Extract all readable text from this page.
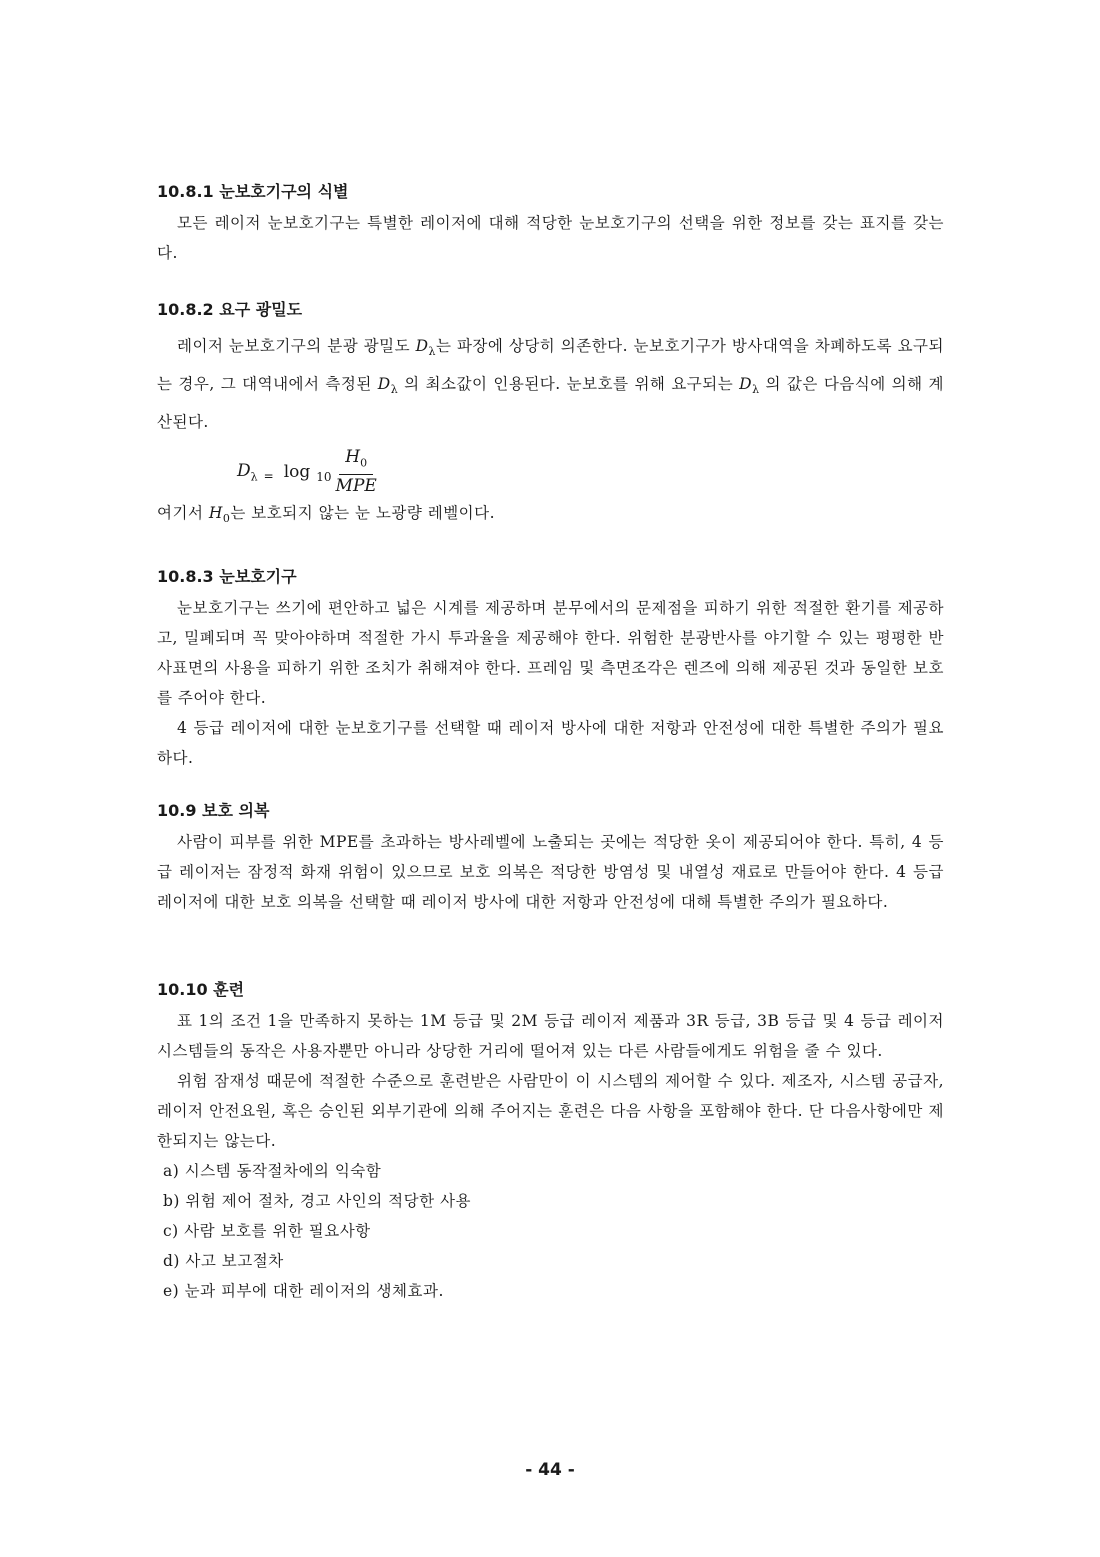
10.8.1 눈보호기구의 식별

모든 레이저 눈보호기구는 특별한 레이저에 대해 적당한 눈보호기구의 선택을 위한 정보를 갖는 표지를 갖는다.

10.8.2 요구 광밀도

레이저 눈보호기구의 분광 광밀도 $D_\lambda$는 파장에 상당히 의존한다. 눈보호기구가 방사대역을 차폐하도록 요구되는 경우, 그 대역내에서 측정된 $D_\lambda$ 의 최소값이 인용된다. 눈보호를 위해 요구되는 $D_\lambda$ 의 값은 다음식에 의해 계산된다.

$D_\lambda = \log 10 \frac{H_0}{\text{MPE}}$

여기서 $H_0$는 보호되지 않는 눈 노광량 레벨이다.

10.8.3 눈보호기구

눈보호기구는 쓰기에 편안하고 넓은 시계를 제공하며 분무에서의 문제점을 피하기 위한 적절한 환기를 제공하고, 밀폐되며 꼭 맞아야하며 적절한 가시 투과율을 제공해야 한다. 위험한 분광반사를 야기할 수 있는 평평한 반사표면의 사용을 피하기 위한 조치가 취해져야 한다. 프레임 및 측면조각은 렌즈에 의해 제공된 것과 동일한 보호를 주어야 한다.

4 등급 레이저에 대한 눈보호기구를 선택할 때 레이저 방사에 대한 저항과 안전성에 대한 특별한 주의가 필요하다.

10.9 보호 의복

사람이 피부를 위한 MPE를 초과하는 방사레벨에 노출되는 곳에는 적당한 옷이 제공되어야 한다. 특히, 4 등급 레이저는 잠정적 화재 위험이 있으므로 보호 의복은 적당한 방염성 및 내열성 재료로 만들어야 한다. 4 등급 레이저에 대한 보호 의복을 선택할 때 레이저 방사에 대한 저항과 안전성에 대해 특별한 주의가 필요하다.

10.10 훈련

표 1의 조건 1을 만족하지 못하는 1M 등급 및 2M 등급 레이저 제품과 3R 등급, 3B 등급 및 4 등급 레이저 시스템들의 동작은 사용자뿐만 아니라 상당한 거리에 떨어져 있는 다른 사람들에게도 위험을 줄 수 있다.

위험 잠재성 때문에 적절한 수준으로 훈련받은 사람만이 이 시스템의 제어할 수 있다. 제조자, 시스템 공급자, 레이저 안전요원, 혹은 승인된 외부기관에 의해 주어지는 훈련은 다음 사항을 포함해야 한다. 단 다음사항에만 제한되지는 않는다.

a) 시스템 동작절차에의 익숙함

b) 위험 제어 절차, 경고 사인의 적당한 사용

c) 사람 보호를 위한 필요사항

d) 사고 보고절차

e) 눈과 피부에 대한 레이저의 생체효과.

- 44 -
